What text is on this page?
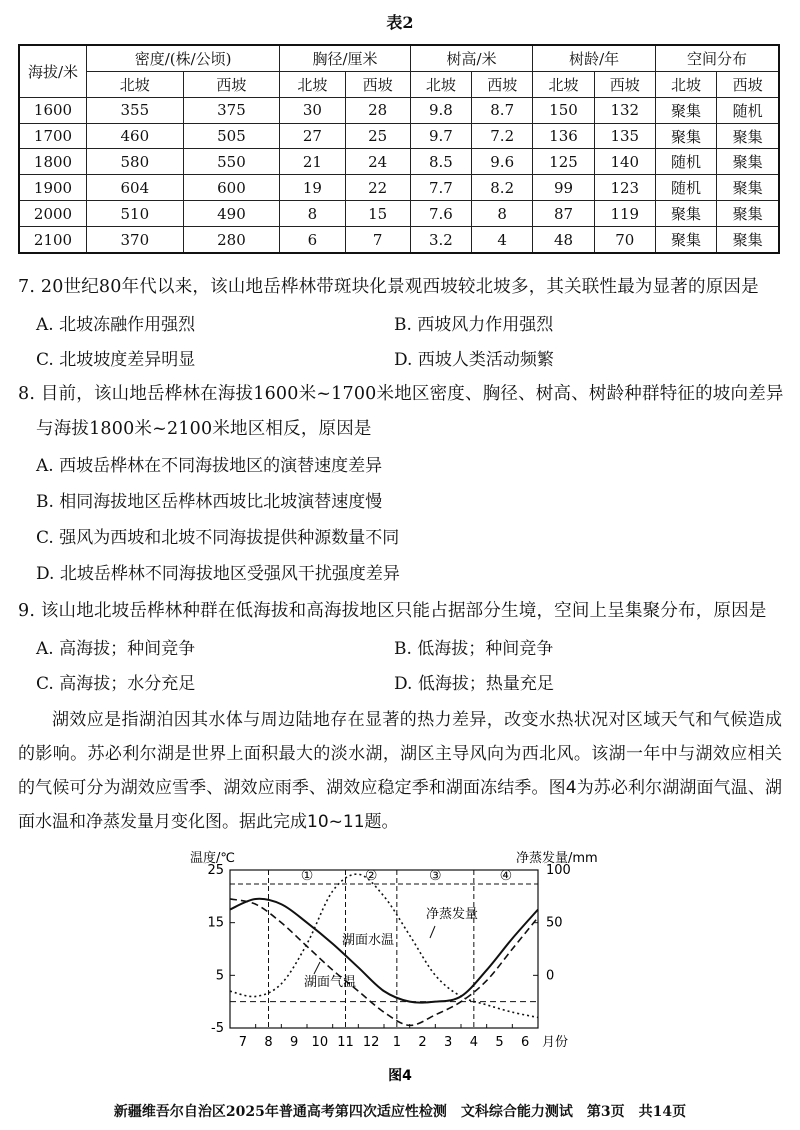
表2
海拔/米	密度/(株/公顷)		胸径/厘米		树高/米		树龄/年		空间分布	
	北坡	西坡	北坡	西坡	北坡	西坡	北坡	西坡	北坡	西坡
1600	355	375	30	28	9.8	8.7	150	132	聚集	随机
1700	460	505	27	25	9.7	7.2	136	135	聚集	聚集
1800	580	550	21	24	8.5	9.6	125	140	随机	聚集
1900	604	600	19	22	7.7	8.2	99	123	随机	聚集
2000	510	490	8	15	7.6	8	87	119	聚集	聚集
2100	370	280	6	7	3.2	4	48	70	聚集	聚集
7. 20世纪80年代以来，该山地岳桦林带斑块化景观西坡较北坡多，其关联性最为显著的原因是
A. 北坡冻融作用强烈	B. 西坡风力作用强烈
C. 北坡坡度差异明显	D. 西坡人类活动频繁
8. 目前，该山地岳桦林在海拔1600米~1700米地区密度、胸径、树高、树龄种群特征的坡向差异
与海拔1800米~2100米地区相反，原因是
A. 西坡岳桦林在不同海拔地区的演替速度差异
B. 相同海拔地区岳桦林西坡比北坡演替速度慢
C. 强风为西坡和北坡不同海拔提供种源数量不同
D. 北坡岳桦林不同海拔地区受强风干扰强度差异
9. 该山地北坡岳桦林种群在低海拔和高海拔地区只能占据部分生境，空间上呈集聚分布，原因是
A. 高海拔；种间竞争	B. 低海拔；种间竞争
C. 高海拔；水分充足	D. 低海拔；热量充足

湖效应是指湖泊因其水体与周边陆地存在显著的热力差异，改变水热状况对区域天气和气候造成的影响。苏必利尔湖是世界上面积最大的淡水湖，湖区主导风向为西北风。该湖一年中与湖效应相关的气候可分为湖效应雪季、湖效应雨季、湖效应稳定季和湖面冻结季。图4为苏必利尔湖湖面气温、湖面水温和净蒸发量月变化图。据此完成10~11题。

温度/℃	净蒸发量/mm
25
15
5
-5
100
50
0
7 8 9 10 11 12 1 2 3 4 5 6 月份
①	②	③	④
湖面水温
湖面气温
净蒸发量
图4
新疆维吾尔自治区2025年普通高考第四次适应性检测　文科综合能力测试　第3页　共14页
